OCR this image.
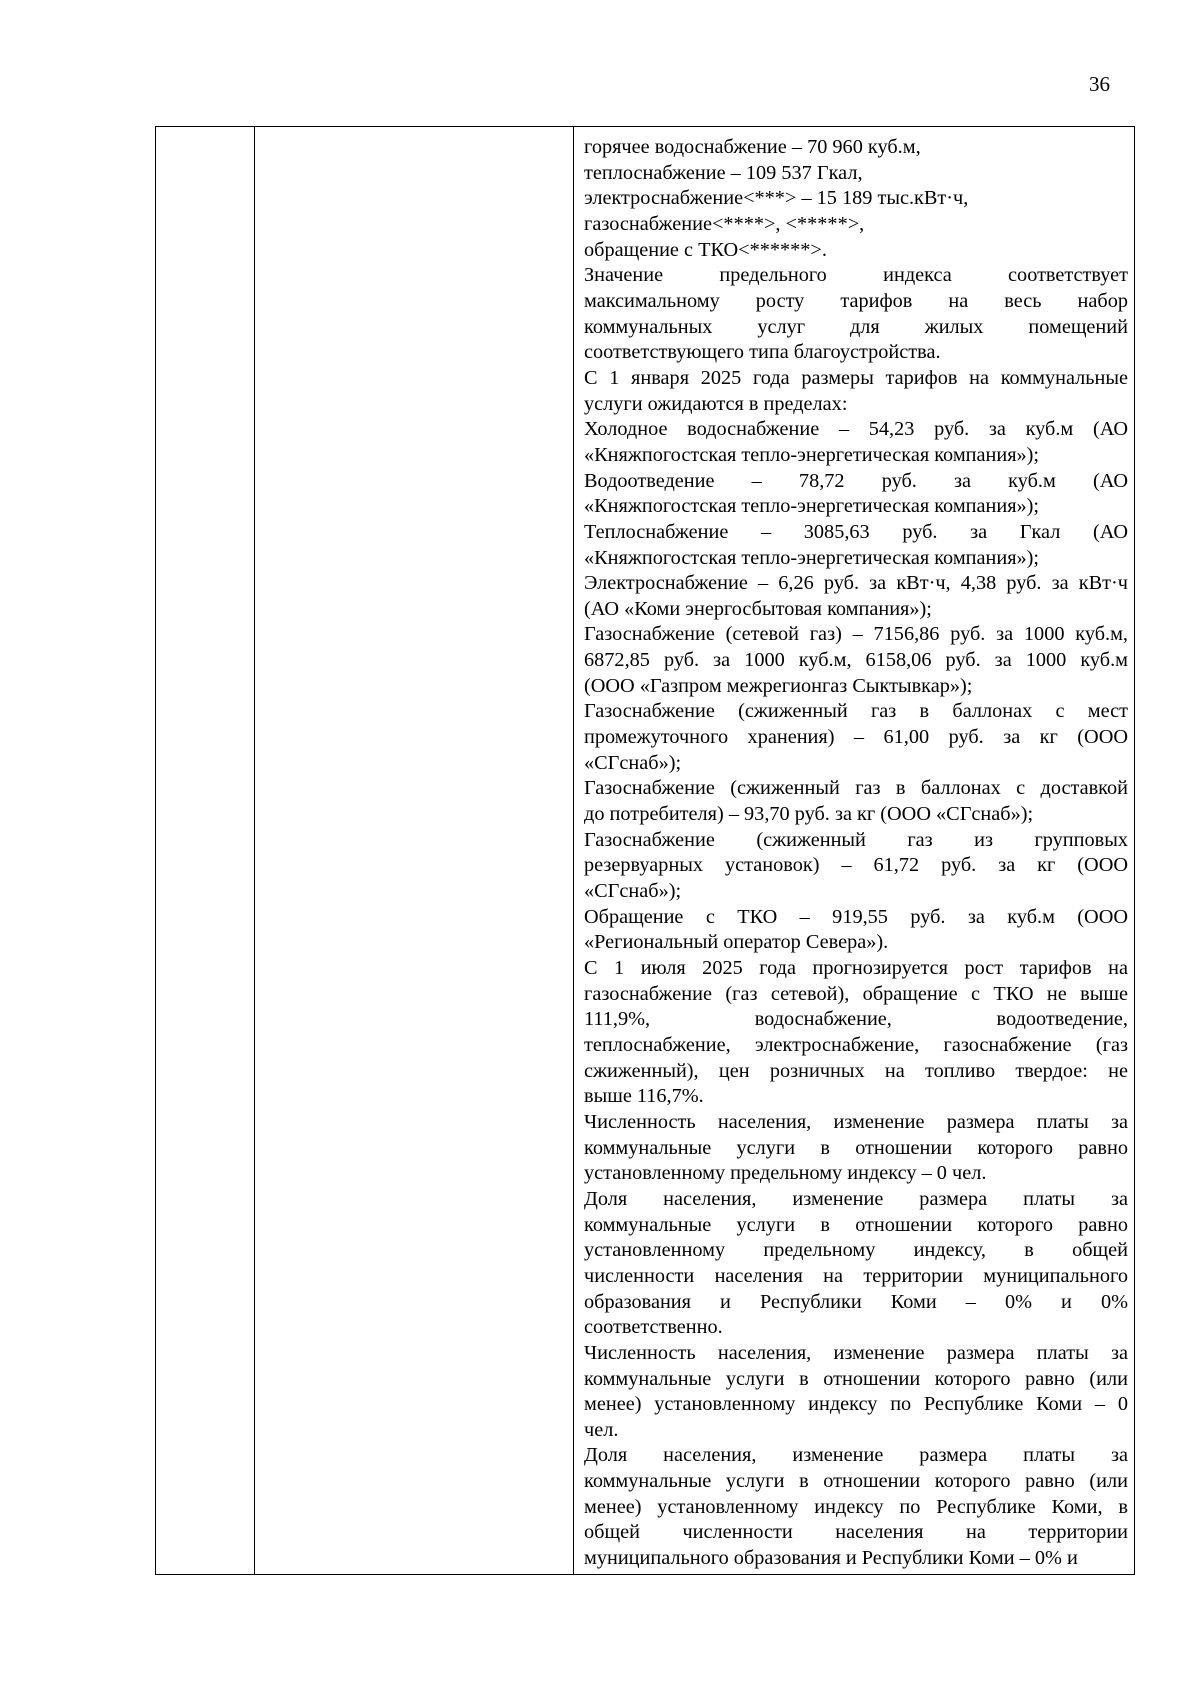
36

горячее водоснабжение – 70 960 куб.м,
теплоснабжение – 109 537 Гкал,
электроснабжение<***> – 15 189 тыс.кВт·ч,
газоснабжение<****>, <*****>,
обращение с ТКО<******>.
Значение предельного индекса соответствует
максимальному росту тарифов на весь набор
коммунальных услуг для жилых помещений
соответствующего типа благоустройства.
С 1 января 2025 года размеры тарифов на коммунальные
услуги ожидаются в пределах:
Холодное водоснабжение – 54,23 руб. за куб.м (АО
«Княжпогостская тепло-энергетическая компания»);
Водоотведение – 78,72 руб. за куб.м (АО
«Княжпогостская тепло-энергетическая компания»);
Теплоснабжение – 3085,63 руб. за Гкал (АО
«Княжпогостская тепло-энергетическая компания»);
Электроснабжение – 6,26 руб. за кВт·ч, 4,38 руб. за кВт·ч
(АО «Коми энергосбытовая компания»);
Газоснабжение (сетевой газ) – 7156,86 руб. за 1000 куб.м,
6872,85 руб. за 1000 куб.м, 6158,06 руб. за 1000 куб.м
(ООО «Газпром межрегионгаз Сыктывкар»);
Газоснабжение (сжиженный газ в баллонах с мест
промежуточного хранения) – 61,00 руб. за кг (ООО
«СГснаб»);
Газоснабжение (сжиженный газ в баллонах с доставкой
до потребителя) – 93,70 руб. за кг (ООО «СГснаб»);
Газоснабжение (сжиженный газ из групповых
резервуарных установок) – 61,72 руб. за кг (ООО
«СГснаб»);
Обращение с ТКО – 919,55 руб. за куб.м (ООО
«Региональный оператор Севера»).
С 1 июля 2025 года прогнозируется рост тарифов на
газоснабжение (газ сетевой), обращение с ТКО не выше
111,9%, водоснабжение, водоотведение,
теплоснабжение, электроснабжение, газоснабжение (газ
сжиженный), цен розничных на топливо твердое: не
выше 116,7%.
Численность населения, изменение размера платы за
коммунальные услуги в отношении которого равно
установленному предельному индексу – 0 чел.
Доля населения, изменение размера платы за
коммунальные услуги в отношении которого равно
установленному предельному индексу, в общей
численности населения на территории муниципального
образования и Республики Коми – 0% и 0%
соответственно.
Численность населения, изменение размера платы за
коммунальные услуги в отношении которого равно (или
менее) установленному индексу по Республике Коми – 0
чел.
Доля населения, изменение размера платы за
коммунальные услуги в отношении которого равно (или
менее) установленному индексу по Республике Коми, в
общей численности населения на территории
муниципального образования и Республики Коми – 0% и
